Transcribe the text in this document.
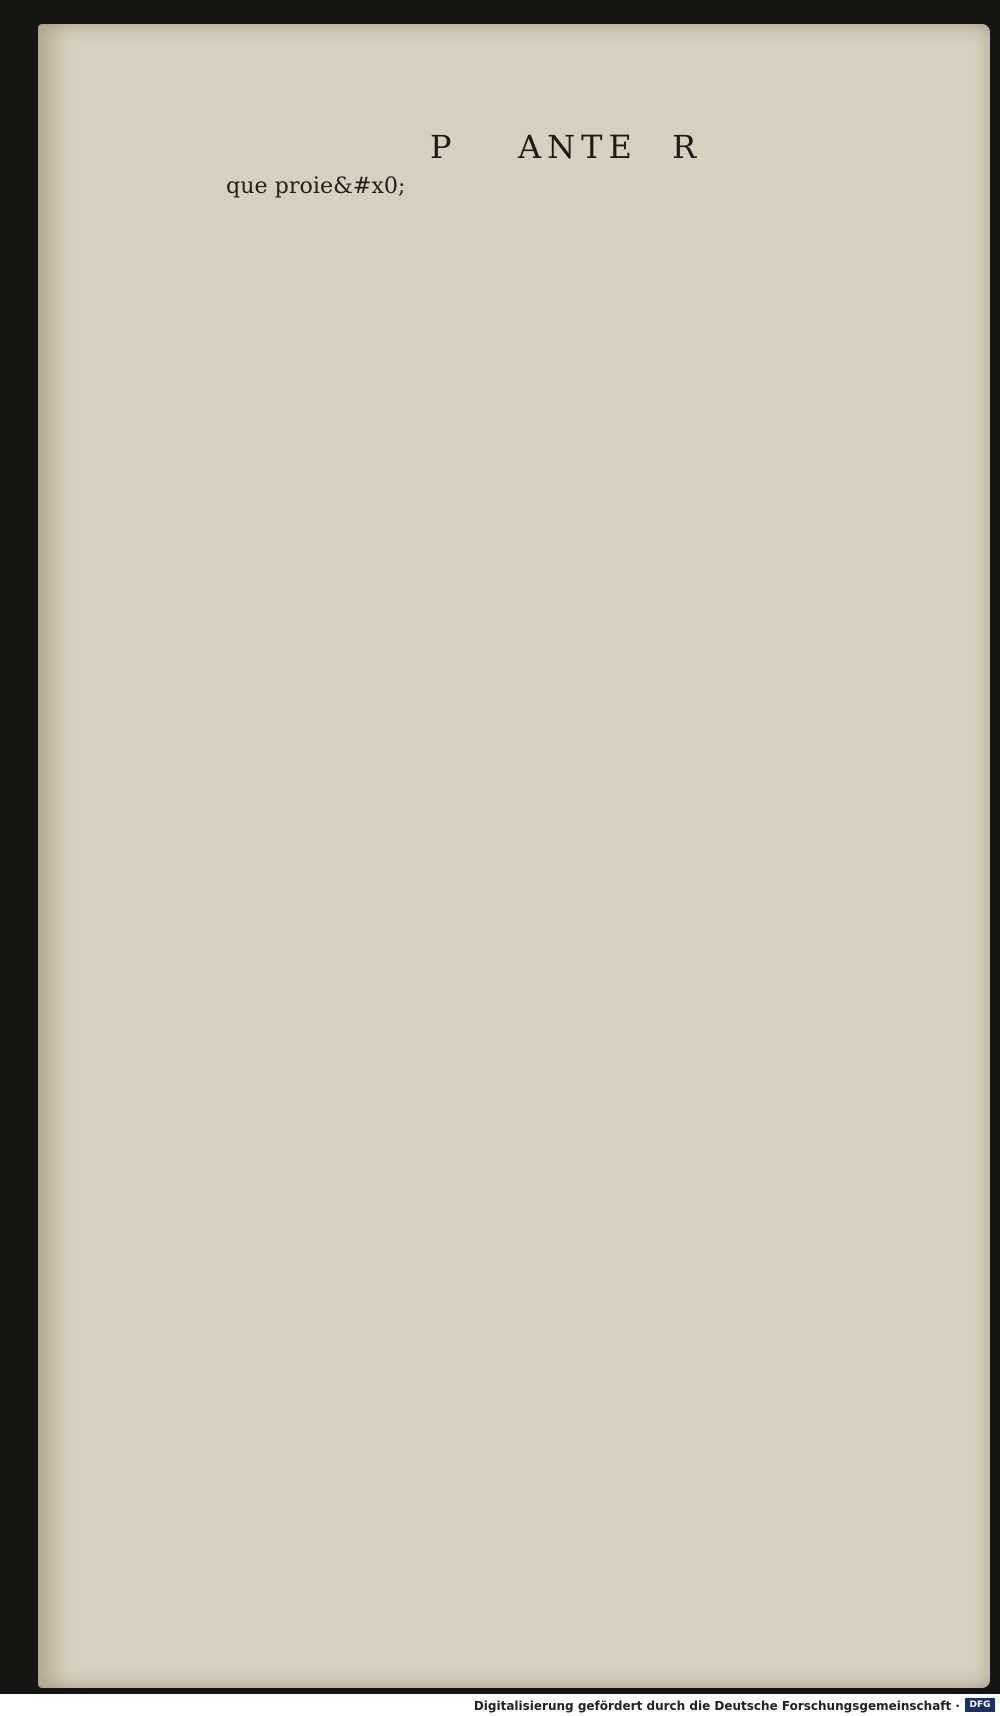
P ANTE R
que proie&#x0;
Digitalisierung gefördert durch die Deutsche Forschungsgemeinschaft ·	DFG
